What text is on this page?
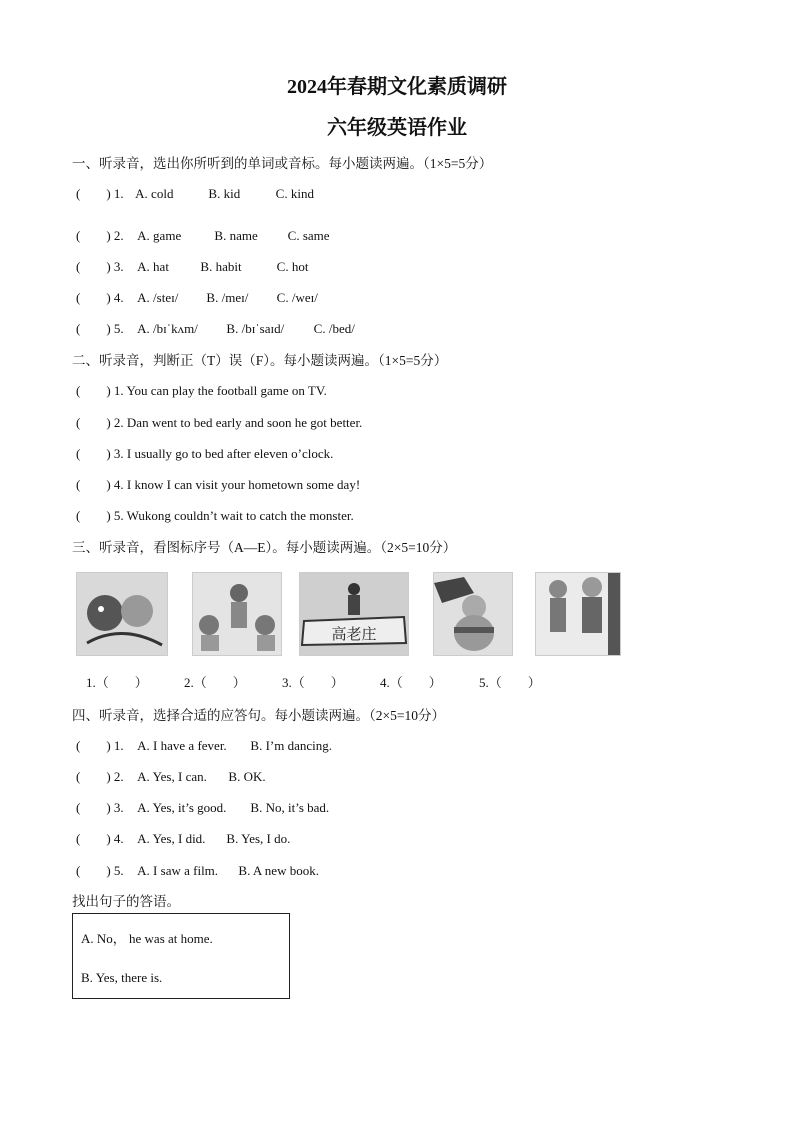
2024年春期文化素质调研
六年级英语作业
一、听录音，选出你所听到的单词或音标。每小题读两遍。（1×5=5分）
(　　) 1. A. cold	B. kid	C. kind
(　　) 2. A. game	B. name C. same
(　　) 3. A. hat B. habit	C. hot
(　　) 4. A. /steɪ/ B. /meɪ/ C. /weɪ/
(　　) 5. A. /bɪˈkʌm/ B. /bɪˈsaɪd/ C. /bed/
二、听录音，判断正（T）误（F）。每小题读两遍。（1×5=5分）
(　　) 1. You can play the football game on TV.
(　　) 2. Dan went to bed early and soon he got better.
(　　) 3. I usually go to bed after eleven o’clock.
(　　) 4. I know I can visit your hometown some day!
(　　) 5. Wukong couldn’t wait to catch the monster.
三、听录音，看图标序号（A—E）。每小题读两遍。（2×5=10分）
高老庄
1.（　　）	2.（　　）	3.（　　）	4.（　　）	5.（　　）
四、听录音，选择合适的应答句。每小题读两遍。（2×5=10分）
(　　) 1. A. I have a fever. B. I’m dancing.
(　　) 2. A. Yes, I can. B. OK.
(　　) 3. A. Yes, it’s good. B. No, it’s bad.
(　　) 4. A. Yes, I did. B. Yes, I do.
(　　) 5. A. I saw a film. B. A new book.
找出句子的答语。
A. No， he was at home.
B. Yes, there is.
